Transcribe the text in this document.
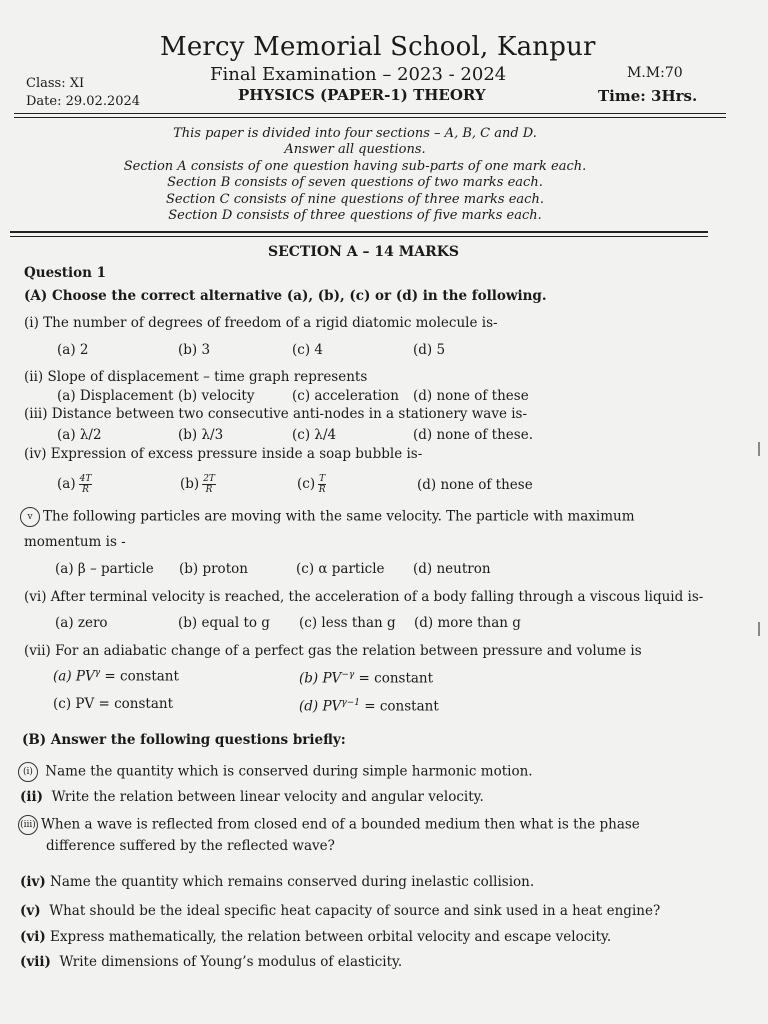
Mercy Memorial School, Kanpur
Final Examination – 2023 - 2024
PHYSICS (PAPER-1) THEORY
Class: XI
Date: 29.02.2024
M.M:70
Time: 3Hrs.
This paper is divided into four sections – A, B, C and D.
Answer all questions.
Section A consists of one question having sub-parts of one mark each.
Section B consists of seven questions of two marks each.
Section C consists of nine questions of three marks each.
Section D consists of three questions of five marks each.
SECTION A – 14 MARKS
Question 1
(A) Choose the correct alternative (a), (b), (c) or (d) in the following.
(i) The number of degrees of freedom of a rigid diatomic molecule is-
(a) 2	(b) 3	(c) 4	(d) 5
(ii) Slope of displacement – time graph represents
(a) Displacement (b) velocity	(c) acceleration (d) none of these
(iii) Distance between two consecutive anti-nodes in a stationery wave is-
(a) λ/2	(b) λ/3	(c) λ/4	(d) none of these.
(iv) Expression of excess pressure inside a soap bubble is-
$(a) \frac{4T}{R}$	$(b) \frac{2T}{R}$	$(c) \frac{T}{R}$	(d) none of these
v The following particles are moving with the same velocity. The particle with maximum
momentum is -
(a) β – particle (b) proton	(c) α particle (d) neutron
(vi) After terminal velocity is reached, the acceleration of a body falling through a viscous liquid is-
(a) zero	(b) equal to g (c) less than g (d) more than g
(vii) For an adiabatic change of a perfect gas the relation between pressure and volume is
(a) $PV^\gamma$ = constant	(b) $PV^{-\gamma}$ = constant
(c) PV = constant	(d) $PV^{\gamma-1}$ = constant
(B) Answer the following questions briefly:
(i) Name the quantity which is conserved during simple harmonic motion.
(ii) Write the relation between linear velocity and angular velocity.
(iii) When a wave is reflected from closed end of a bounded medium then what is the phase
difference suffered by the reflected wave?
(iv) Name the quantity which remains conserved during inelastic collision.
(v) What should be the ideal specific heat capacity of source and sink used in a heat engine?
(vi) Express mathematically, the relation between orbital velocity and escape velocity.
(vii) Write dimensions of Young’s modulus of elasticity.
